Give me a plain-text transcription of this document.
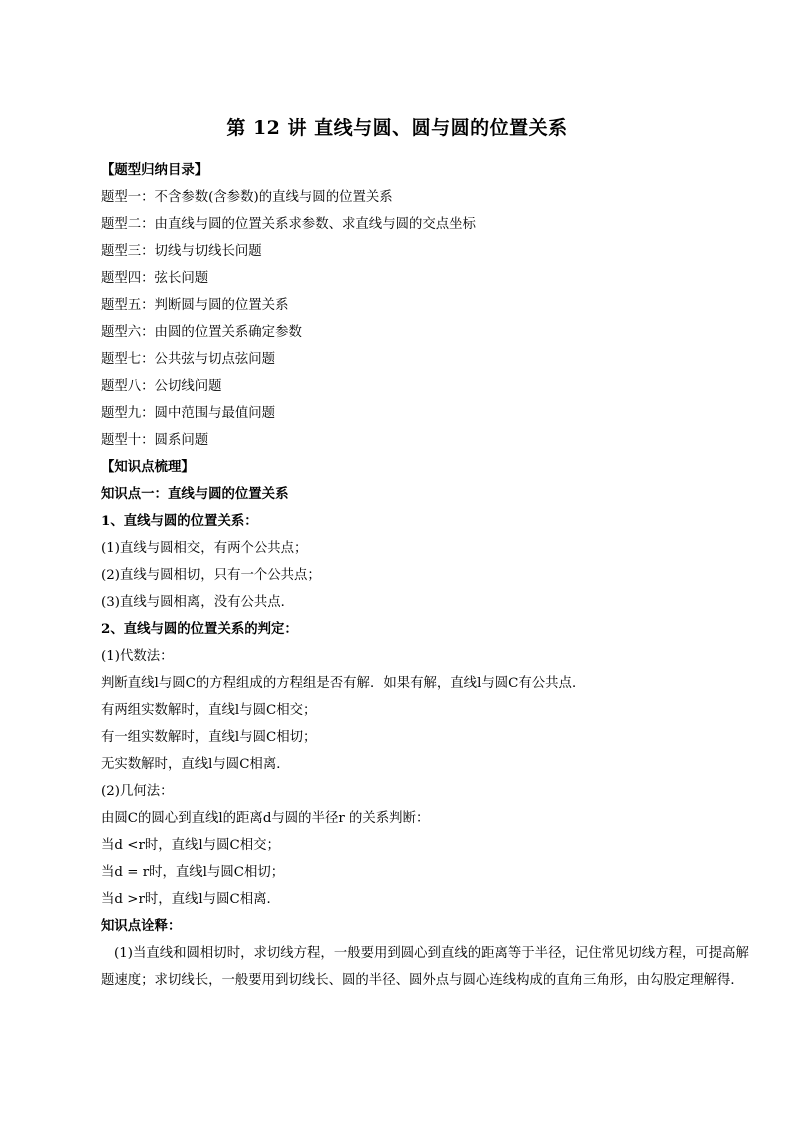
第 12 讲 直线与圆、圆与圆的位置关系
【题型归纳目录】
题型一：不含参数(含参数)的直线与圆的位置关系
题型二：由直线与圆的位置关系求参数、求直线与圆的交点坐标
题型三：切线与切线长问题
题型四：弦长问题
题型五：判断圆与圆的位置关系
题型六：由圆的位置关系确定参数
题型七：公共弦与切点弦问题
题型八：公切线问题
题型九：圆中范围与最值问题
题型十：圆系问题
【知识点梳理】
知识点一：直线与圆的位置关系
1、直线与圆的位置关系：
(1)直线与圆相交，有两个公共点；
(2)直线与圆相切，只有一个公共点；
(3)直线与圆相离，没有公共点．
2、直线与圆的位置关系的判定：
(1)代数法：
判断直线l与圆C的方程组成的方程组是否有解．如果有解，直线l与圆C有公共点．
有两组实数解时，直线l与圆C相交；
有一组实数解时，直线l与圆C相切；
无实数解时，直线l与圆C相离．
(2)几何法：
由圆C的圆心到直线l的距离d与圆的半径r 的关系判断：
当d <r时，直线l与圆C相交；
当d = r时，直线l与圆C相切；
当d >r时，直线l与圆C相离．
知识点诠释：

(1)当直线和圆相切时，求切线方程，一般要用到圆心到直线的距离等于半径，记住常见切线方程，可提高解题速度；求切线长，一般要用到切线长、圆的半径、圆外点与圆心连线构成的直角三角形，由勾股定理解得．
